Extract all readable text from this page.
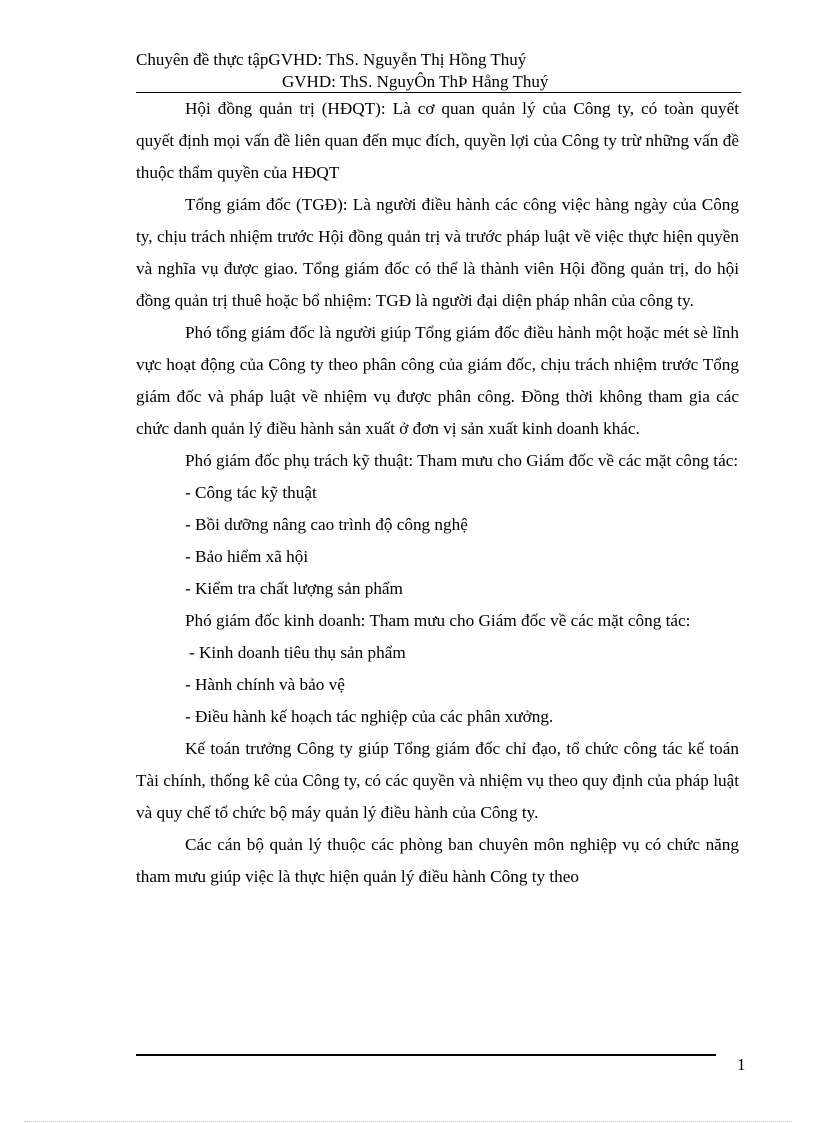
Chuyên đề thực tậpGVHD: ThS. Nguyễn Thị Hồng Thuý
GVHD: ThS. NguyÔn ThÞ Hång Thuý

Hội đồng quản trị (HĐQT): Là cơ quan quản lý của Công ty, có toàn quyết quyết định mọi vấn đề liên quan đến mục đích, quyền lợi của Công ty trừ những vấn đề thuộc thẩm quyền của HĐQT

Tổng giám đốc (TGĐ): Là người điều hành các công việc hàng ngày của Công ty, chịu trách nhiệm trước Hội đồng quản trị và trước pháp luật về việc thực hiện quyền và nghĩa vụ được giao. Tổng giám đốc có thể là thành viên Hội đồng quản trị, do hội đồng quản trị thuê hoặc bổ nhiệm: TGĐ là người đại diện pháp nhân của công ty.

Phó tổng giám đốc là người giúp Tổng giám đốc điều hành một hoặc mét sè lĩnh vực hoạt động của Công ty theo phân công của giám đốc, chịu trách nhiệm trước Tổng giám đốc và pháp luật về nhiệm vụ được phân công. Đồng thời không tham gia các chức danh quản lý điều hành sản xuất ở đơn vị sản xuất kinh doanh khác.

Phó giám đốc phụ trách kỹ thuật: Tham mưu cho Giám đốc về các mặt công tác:

- Công tác kỹ thuật

- Bồi dưỡng nâng cao trình độ công nghệ

- Bảo hiểm xã hội

- Kiểm tra chất lượng sản phẩm

Phó giám đốc kinh doanh: Tham mưu cho Giám đốc về các mặt công tác:

- Kinh doanh tiêu thụ sản phẩm

- Hành chính và bảo vệ

- Điều hành kế hoạch tác nghiệp của các phân xưởng.

Kế toán trưởng Công ty giúp Tổng giám đốc chỉ đạo, tổ chức công tác kế toán Tài chính, thống kê của Công ty, có các quyền và nhiệm vụ theo quy định của pháp luật và quy chế tổ chức bộ máy quản lý điều hành của Công ty.

Các cán bộ quản lý thuộc các phòng ban chuyên môn nghiệp vụ có chức năng tham mưu giúp việc là thực hiện quản lý điều hành Công ty theo

1
